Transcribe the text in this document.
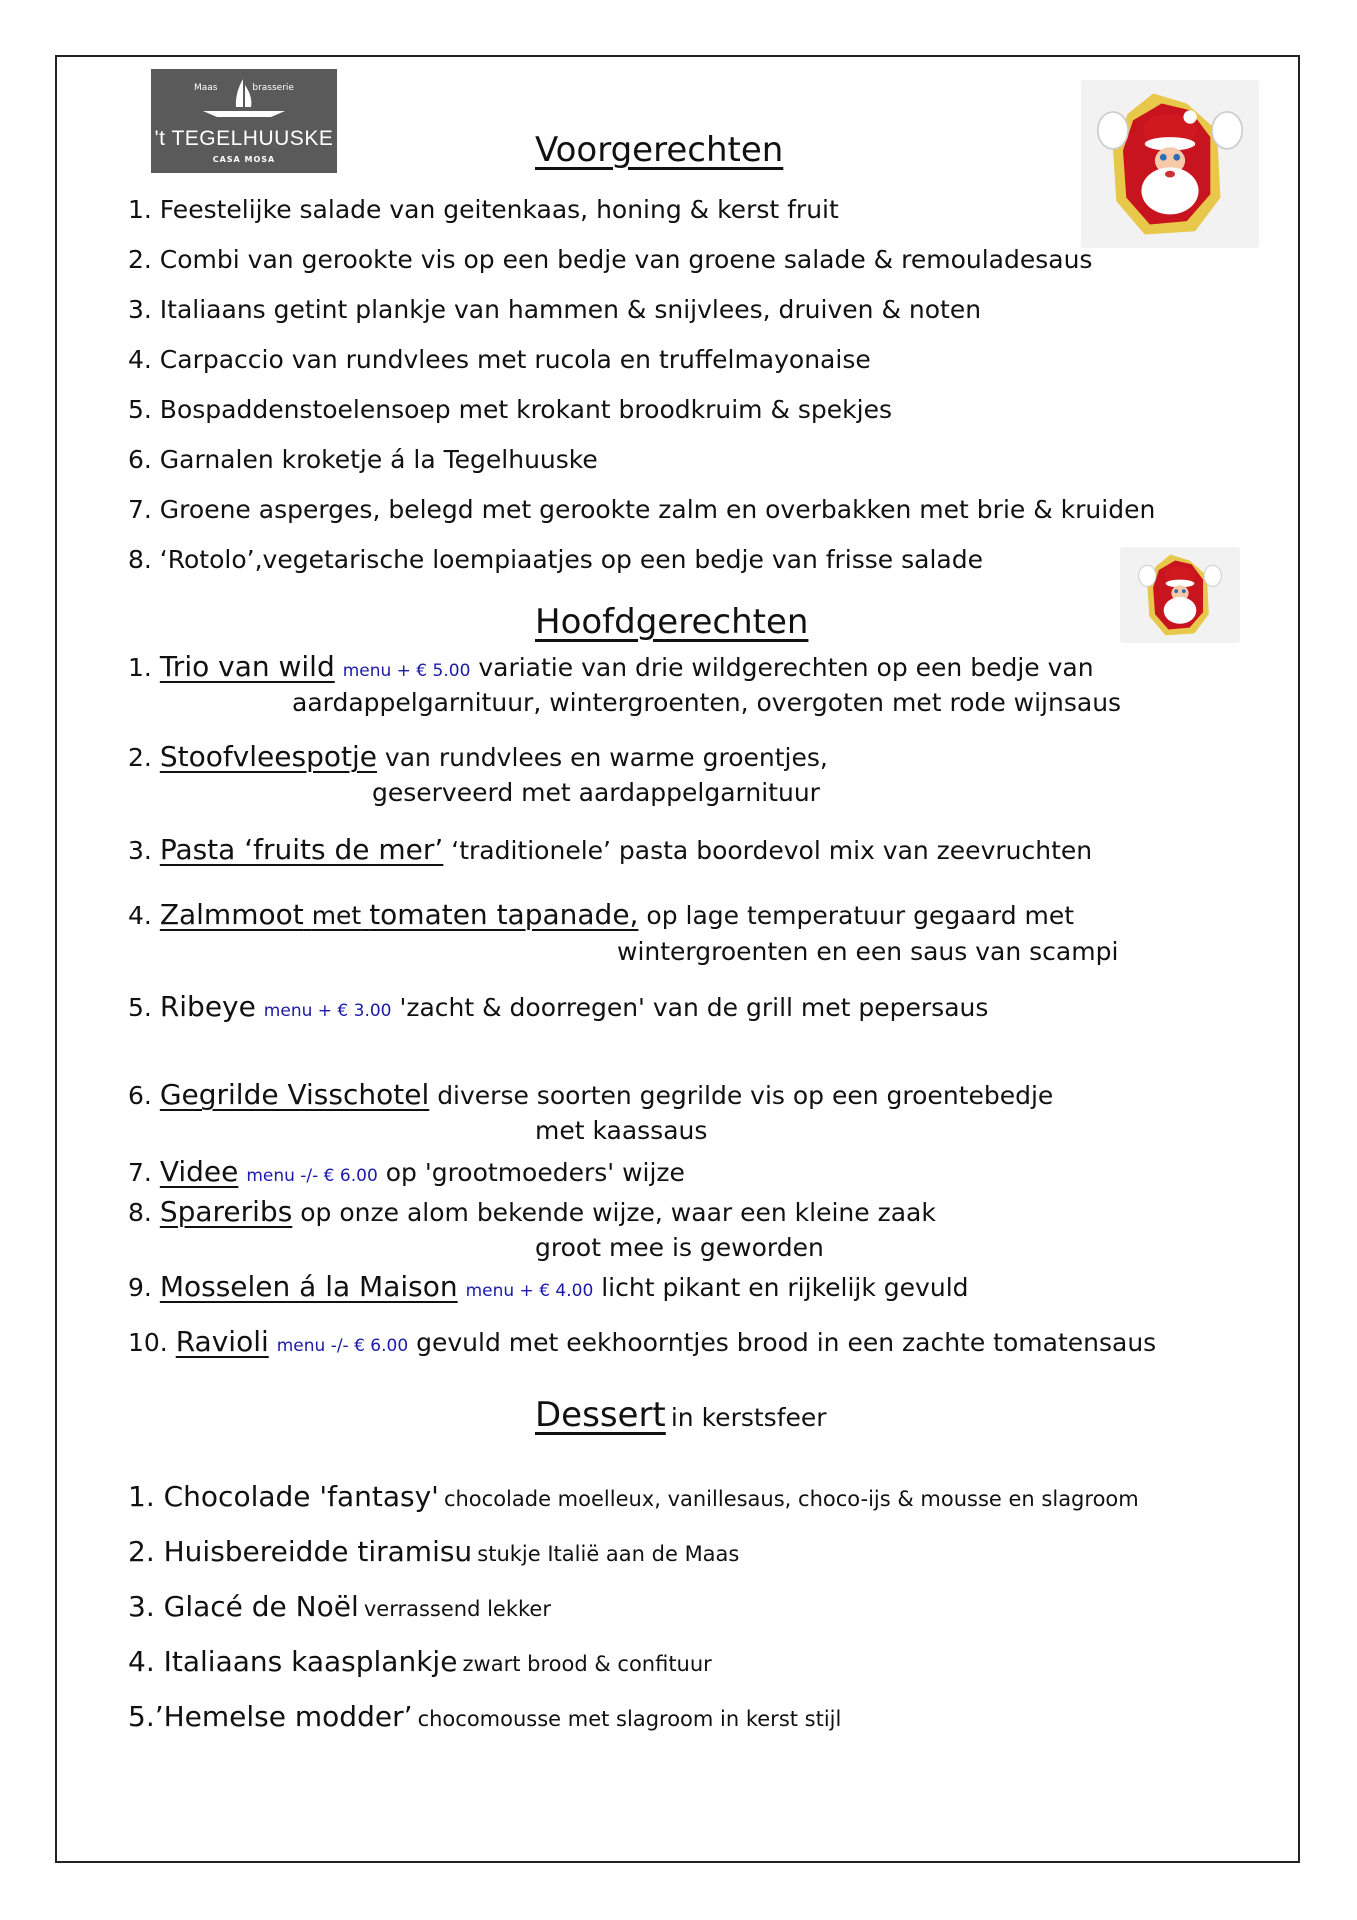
Maas	brasserie
't TEGELHUUSKE
CASA MOSA	Voorgerechten
1. Feestelijke salade van geitenkaas, honing & kerst fruit
2. Combi van gerookte vis op een bedje van groene salade & remouladesaus
3. Italiaans getint plankje van hammen & snijvlees, druiven & noten
4. Carpaccio van rundvlees met rucola en truffelmayonaise
5. Bospaddenstoelensoep met krokant broodkruim & spekjes
6. Garnalen kroketje á la Tegelhuuske
7. Groene asperges, belegd met gerookte zalm en overbakken met brie & kruiden
8. ‘Rotolo’,vegetarische loempiaatjes op een bedje van frisse salade
Hoofdgerechten
1. Trio van wild menu + € 5.00 variatie van drie wildgerechten op een bedje van
aardappelgarnituur, wintergroenten, overgoten met rode wijnsaus
2. Stoofvleespotje van rundvlees en warme groentjes,
geserveerd met aardappelgarnituur
3. Pasta ‘fruits de mer’ ‘traditionele’ pasta boordevol mix van zeevruchten
4. Zalmmoot met tomaten tapanade, op lage temperatuur gegaard met
wintergroenten en een saus van scampi
5. Ribeye menu + € 3.00 'zacht & doorregen' van de grill met pepersaus
6. Gegrilde Visschotel diverse soorten gegrilde vis op een groentebedje
met kaassaus
7. Videe menu -/- € 6.00 op 'grootmoeders' wijze
8. Spareribs op onze alom bekende wijze, waar een kleine zaak
groot mee is geworden
9. Mosselen á la Maison menu + € 4.00 licht pikant en rijkelijk gevuld
10. Ravioli menu -/- € 6.00 gevuld met eekhoorntjes brood in een zachte tomatensaus
Dessert in kerstsfeer
1. Chocolade 'fantasy' chocolade moelleux, vanillesaus, choco-ijs & mousse en slagroom
2. Huisbereidde tiramisu stukje Italië aan de Maas
3. Glacé de Noël verrassend lekker
4. Italiaans kaasplankje zwart brood & confituur
5.’Hemelse modder’ chocomousse met slagroom in kerst stijl
